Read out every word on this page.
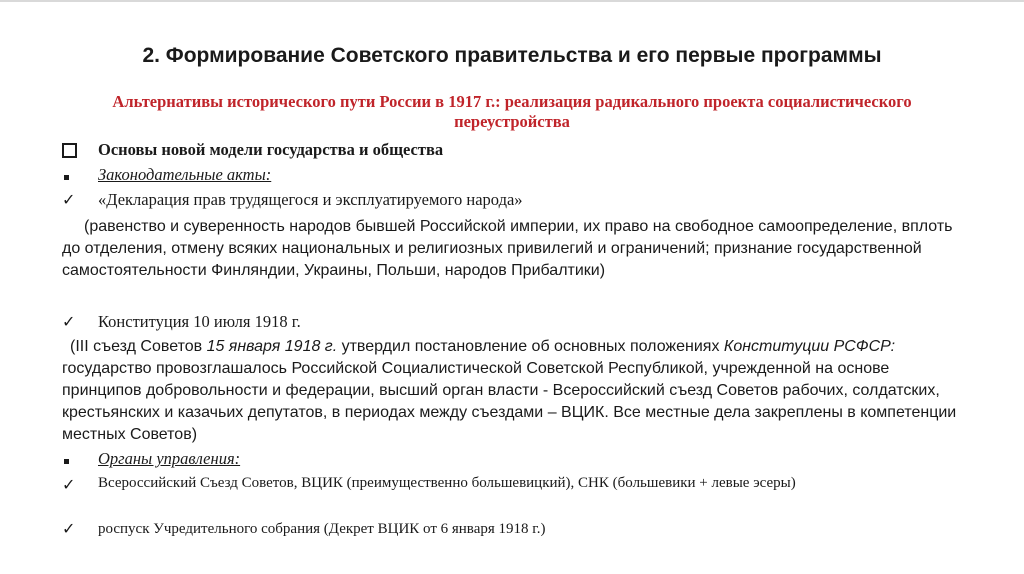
2. Формирование Советского правительства и его первые программы
Альтернативы исторического пути России в 1917 г.: реализация радикального проекта социалистического переустройства
Основы новой модели государства и общества
Законодательные акты:
✓	«Декларация прав трудящегося и эксплуатируемого народа»
(равенство и суверенность народов бывшей Российской империи, их право на свободное самоопределение, вплоть до отделения, отмену всяких национальных и религиозных привилегий и ограничений; признание государственной самостоятельности Финляндии, Украины, Польши, народов Прибалтики)
✓	Конституция 10 июля 1918 г.
(III съезд Советов 15 января 1918 г. утвердил постановление об основных положениях Конституции РСФСР: государство провозглашалось Российской Социалистической Советской Республикой, учрежденной на основе принципов добровольности и федерации, высший орган власти - Всероссийский съезд Советов рабочих, солдатских, крестьянских и казачьих депутатов, в периодах между съездами – ВЦИК. Все местные дела закреплены в компетенции местных Советов)
Органы управления:
✓	Всероссийский Съезд Советов, ВЦИК (преимущественно большевицкий), СНК (большевики + левые эсеры)
✓	роспуск Учредительного собрания (Декрет ВЦИК от 6 января 1918 г.)
